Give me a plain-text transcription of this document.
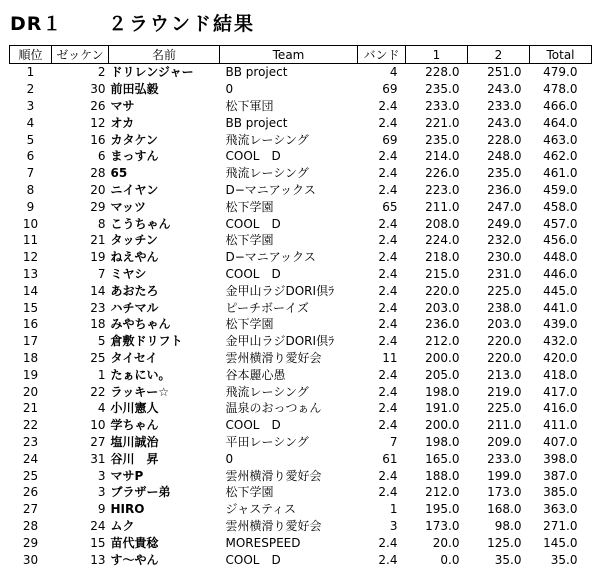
DR１ ２ラウンド結果
順位	ゼッケン	名前	Team	バンド	1	2	Total
1	2	ドリレンジャー	BB project	4	228.0	251.0	479.0
2	30	前田弘毅	0	69	235.0	243.0	478.0
3	26	マサ	松下軍団	2.4	233.0	233.0	466.0
4	12	オカ	BB project	2.4	221.0	243.0	464.0
5	16	カタケン	飛流レーシング	69	235.0	228.0	463.0
6	6	まっすん	COOL　D	2.4	214.0	248.0	462.0
7	28	65	飛流レーシング	2.4	226.0	235.0	461.0
8	20	ニイヤン	D−マニアックス	2.4	223.0	236.0	459.0
9	29	マッツ	松下学園	65	211.0	247.0	458.0
10	8	こうちゃん	COOL　D	2.4	208.0	249.0	457.0
11	21	タッチン	松下学園	2.4	224.0	232.0	456.0
12	19	ねえやん	D−マニアックス	2.4	218.0	230.0	448.0
13	7	ミヤシ	COOL　D	2.4	215.0	231.0	446.0
14	14	あおたろ	金甲山ラジDORI倶ﾗ	2.4	220.0	225.0	445.0
15	23	ハチマル	ピーチボーイズ	2.4	203.0	238.0	441.0
16	18	みやちゃん	松下学園	2.4	236.0	203.0	439.0
17	5	倉敷ドリフト	金甲山ラジDORI倶ﾗ	2.4	212.0	220.0	432.0
18	25	タイセイ	雲州横滑り愛好会	11	200.0	220.0	420.0
19	1	たぁにい。	谷本麗心愚	2.4	205.0	213.0	418.0
20	22	ラッキー☆	飛流レーシング	2.4	198.0	219.0	417.0
21	4	小川憲人	温泉のおっつぁん	2.4	191.0	225.0	416.0
22	10	学ちゃん	COOL　D	2.4	200.0	211.0	411.0
23	27	塩川誠治	平田レーシング	7	198.0	209.0	407.0
24	31	谷川　昇	0	61	165.0	233.0	398.0
25	3	マサP	雲州横滑り愛好会	2.4	188.0	199.0	387.0
26	3	ブラザー弟	松下学園	2.4	212.0	173.0	385.0
27	9	HIRO	ジャスティス	1	195.0	168.0	363.0
28	24	ムク	雲州横滑り愛好会	3	173.0	98.0	271.0
29	15	苗代貴稔	MORESPEED	2.4	20.0	125.0	145.0
30	13	す〜やん	COOL　D	2.4	0.0	35.0	35.0
